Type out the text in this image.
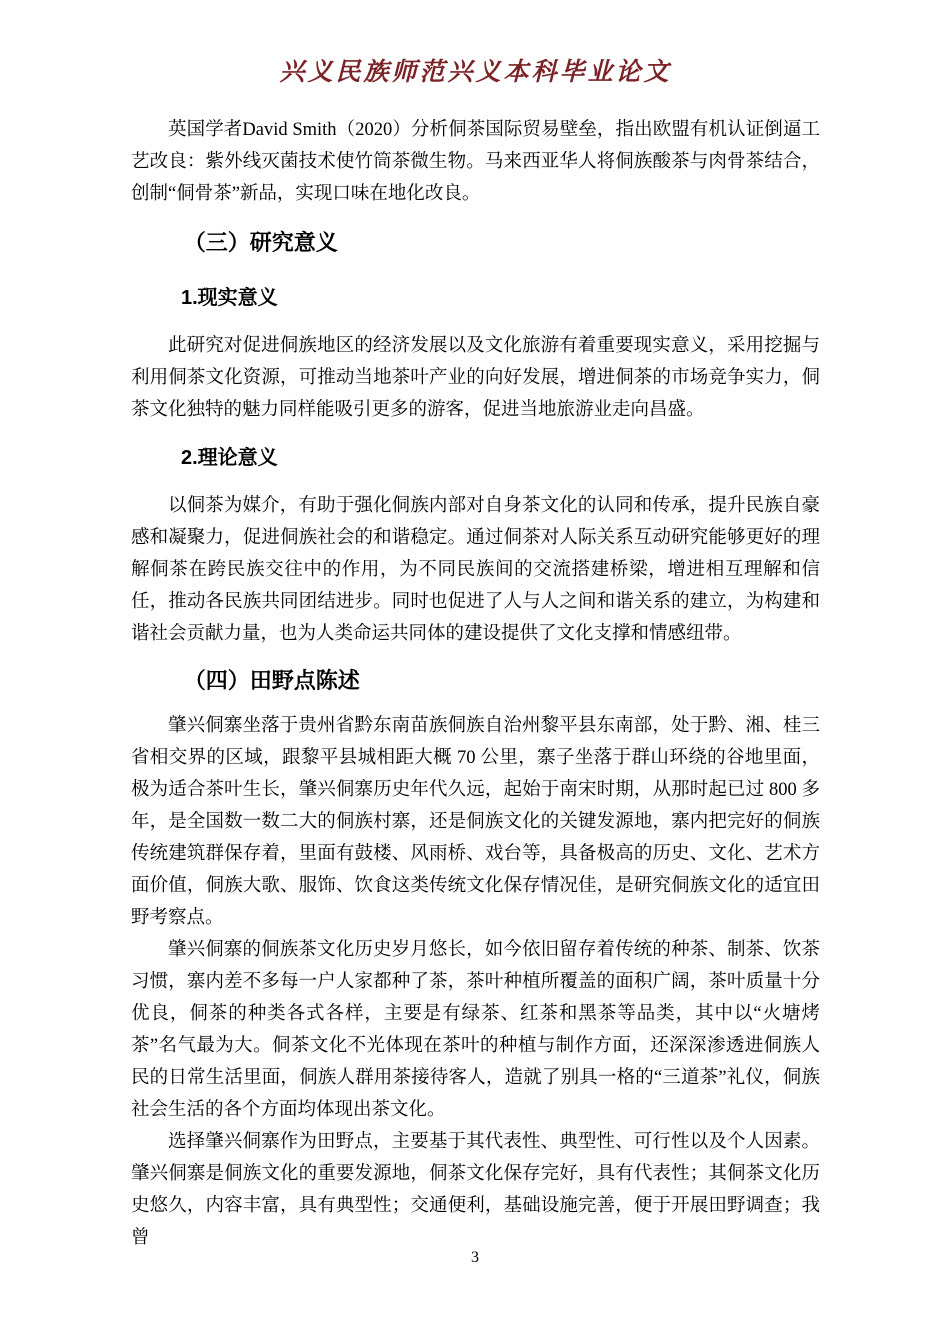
兴义民族师范兴义本科毕业论文

英国学者David Smith（2020）分析侗茶国际贸易壁垒，指出欧盟有机认证倒逼工艺改良：紫外线灭菌技术使竹筒茶微生物。马来西亚华人将侗族酸茶与肉骨茶结合，创制“侗骨茶”新品，实现口味在地化改良。

（三）研究意义
1.现实意义

此研究对促进侗族地区的经济发展以及文化旅游有着重要现实意义，采用挖掘与利用侗茶文化资源，可推动当地茶叶产业的向好发展，增进侗茶的市场竞争实力，侗茶文化独特的魅力同样能吸引更多的游客，促进当地旅游业走向昌盛。

2.理论意义

以侗茶为媒介，有助于强化侗族内部对自身茶文化的认同和传承，提升民族自豪感和凝聚力，促进侗族社会的和谐稳定。通过侗茶对人际关系互动研究能够更好的理解侗茶在跨民族交往中的作用，为不同民族间的交流搭建桥梁，增进相互理解和信任，推动各民族共同团结进步。同时也促进了人与人之间和谐关系的建立，为构建和谐社会贡献力量，也为人类命运共同体的建设提供了文化支撑和情感纽带。

（四）田野点陈述

肇兴侗寨坐落于贵州省黔东南苗族侗族自治州黎平县东南部，处于黔、湘、桂三省相交界的区域，跟黎平县城相距大概 70 公里，寨子坐落于群山环绕的谷地里面，极为适合茶叶生长，肇兴侗寨历史年代久远，起始于南宋时期，从那时起已过 800 多年，是全国数一数二大的侗族村寨，还是侗族文化的关键发源地，寨内把完好的侗族传统建筑群保存着，里面有鼓楼、风雨桥、戏台等，具备极高的历史、文化、艺术方面价值，侗族大歌、服饰、饮食这类传统文化保存情况佳，是研究侗族文化的适宜田野考察点。

肇兴侗寨的侗族茶文化历史岁月悠长，如今依旧留存着传统的种茶、制茶、饮茶习惯，寨内差不多每一户人家都种了茶，茶叶种植所覆盖的面积广阔，茶叶质量十分优良，侗茶的种类各式各样，主要是有绿茶、红茶和黑茶等品类，其中以“火塘烤茶”名气最为大。侗茶文化不光体现在茶叶的种植与制作方面，还深深渗透进侗族人民的日常生活里面，侗族人群用茶接待客人，造就了别具一格的“三道茶”礼仪，侗族社会生活的各个方面均体现出茶文化。

选择肇兴侗寨作为田野点，主要基于其代表性、典型性、可行性以及个人因素。肇兴侗寨是侗族文化的重要发源地，侗茶文化保存完好，具有代表性；其侗茶文化历史悠久，内容丰富，具有典型性；交通便利，基础设施完善，便于开展田野调查；我曾

3
